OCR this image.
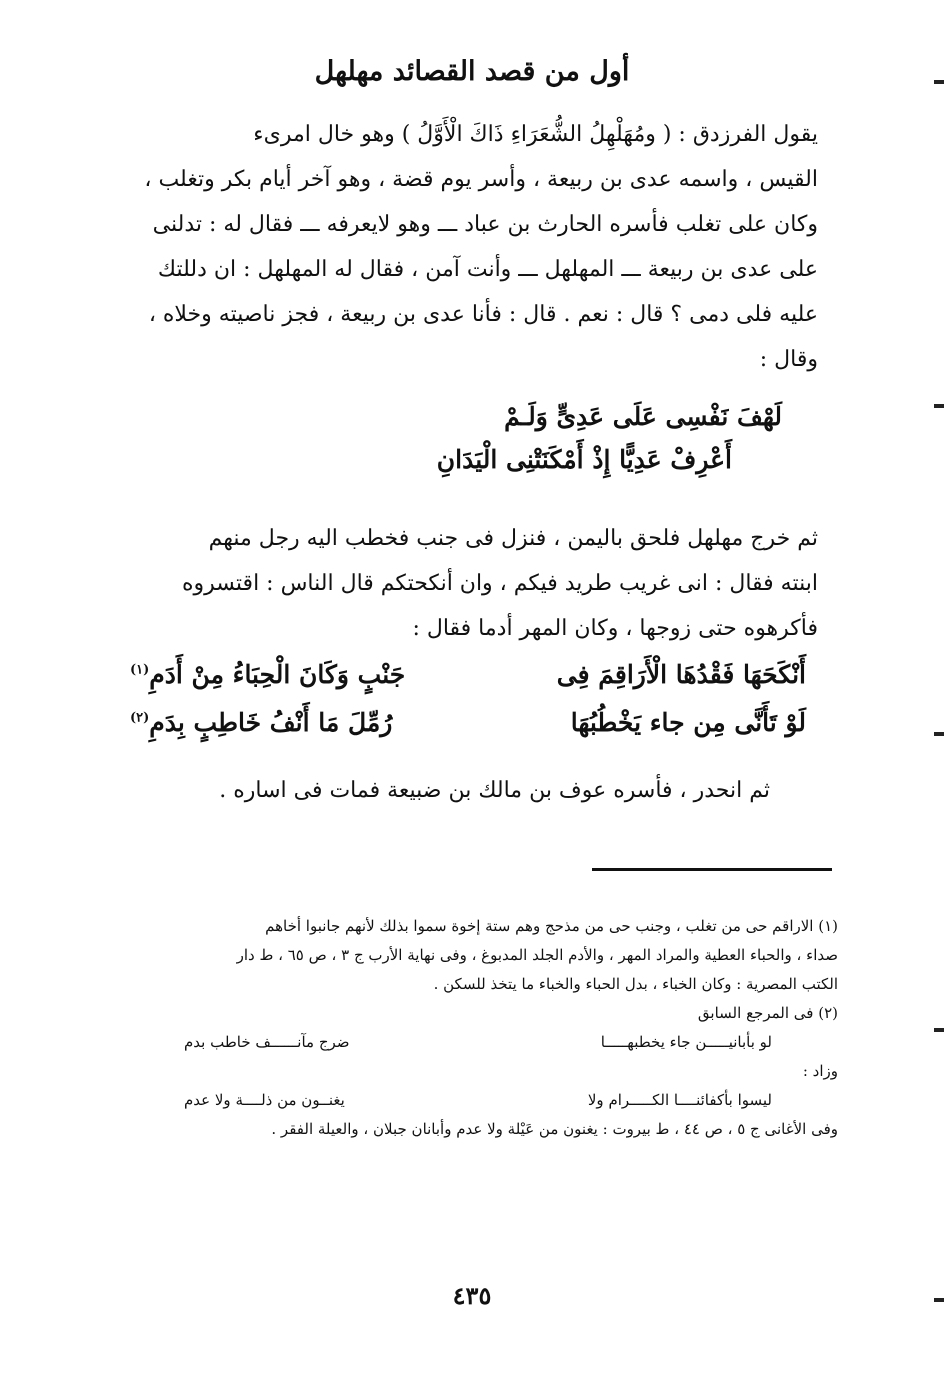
أول من قصد القصائد مهلهل
يقول الفرزدق : ( ومُهَلْهِلُ الشُّعَرَاءِ ذَاكَ الْأَوَّلُ ) وهو خال امرىء
القيس ، واسمه عدى بن ربيعة ، وأسر يوم قضة ، وهو آخر أيام بكر وتغلب ،
وكان على تغلب فأسره الحارث بن عباد ـــ وهو لايعرفه ـــ فقال له : تدلنى
على عدى بن ربيعة ـــ المهلهل ـــ وأنت آمن ، فقال له المهلهل : ان دللتك
عليه فلى دمى ؟ قال : نعم . قال : فأنا عدى بن ربيعة ، فجز ناصيته وخلاه ،
وقال :
لَهْفَ نَفْسِى عَلَى عَدِىٍّ وَلَـمْ
أَعْرِفْ عَدِيًّا إِذْ أَمْكَنَتْنِى الْيَدَانِ
ثم خرج مهلهل فلحق باليمن ، فنزل فى جنب فخطب اليه رجل منهم
ابنته فقال : انى غريب طريد فيكم ، وان أنكحتكم قال الناس : اقتسروه
فأكرهوه حتى زوجها ، وكان المهر أدما فقال :
أَنْكَحَهَا فَقْدُهَا الْأَرَاقِمَ فِى
جَنْبٍ وَكَانَ الْحِبَاءُ مِنْ أَدَمِ$^{(١)}$
لَوْ تَأَنَّى مِن جاء يَخْطُبُهَا
رُمِّلَ مَا أَنْفُ خَاطِبٍ بِدَمِ$^{(٢)}$
ثم انحدر ، فأسره عوف بن مالك بن ضبيعة فمات فى اساره .
(١) الاراقم حى من تغلب ، وجنب حى من مذحج وهم ستة إخوة سموا بذلك لأنهم جانبوا أخاهم
صداء ، والحباء العطية والمراد المهر ، والأدم الجلد المدبوغ ، وفى نهاية الأرب ج ٣ ، ص ٦٥ ، ط دار
الكتب المصرية : وكان الخباء ، بدل الحباء والخباء ما يتخذ للسكن .
(٢) فى المرجع السابق
لو بأبانيـــــن جاء يخطبهـــــا
ضرج مآنــــــف خاطب بدم
وزاد :
ليسوا بأكفائنــــا الكـــــرام ولا
يغنــون من ذلــــة ولا عدم
وفى الأغانى ج ٥ ، ص ٤٤ ، ط بيروت : يغنون من عَيْلة ولا عدم وأبانان جبلان ، والعيلة الفقر .
٤٣٥
